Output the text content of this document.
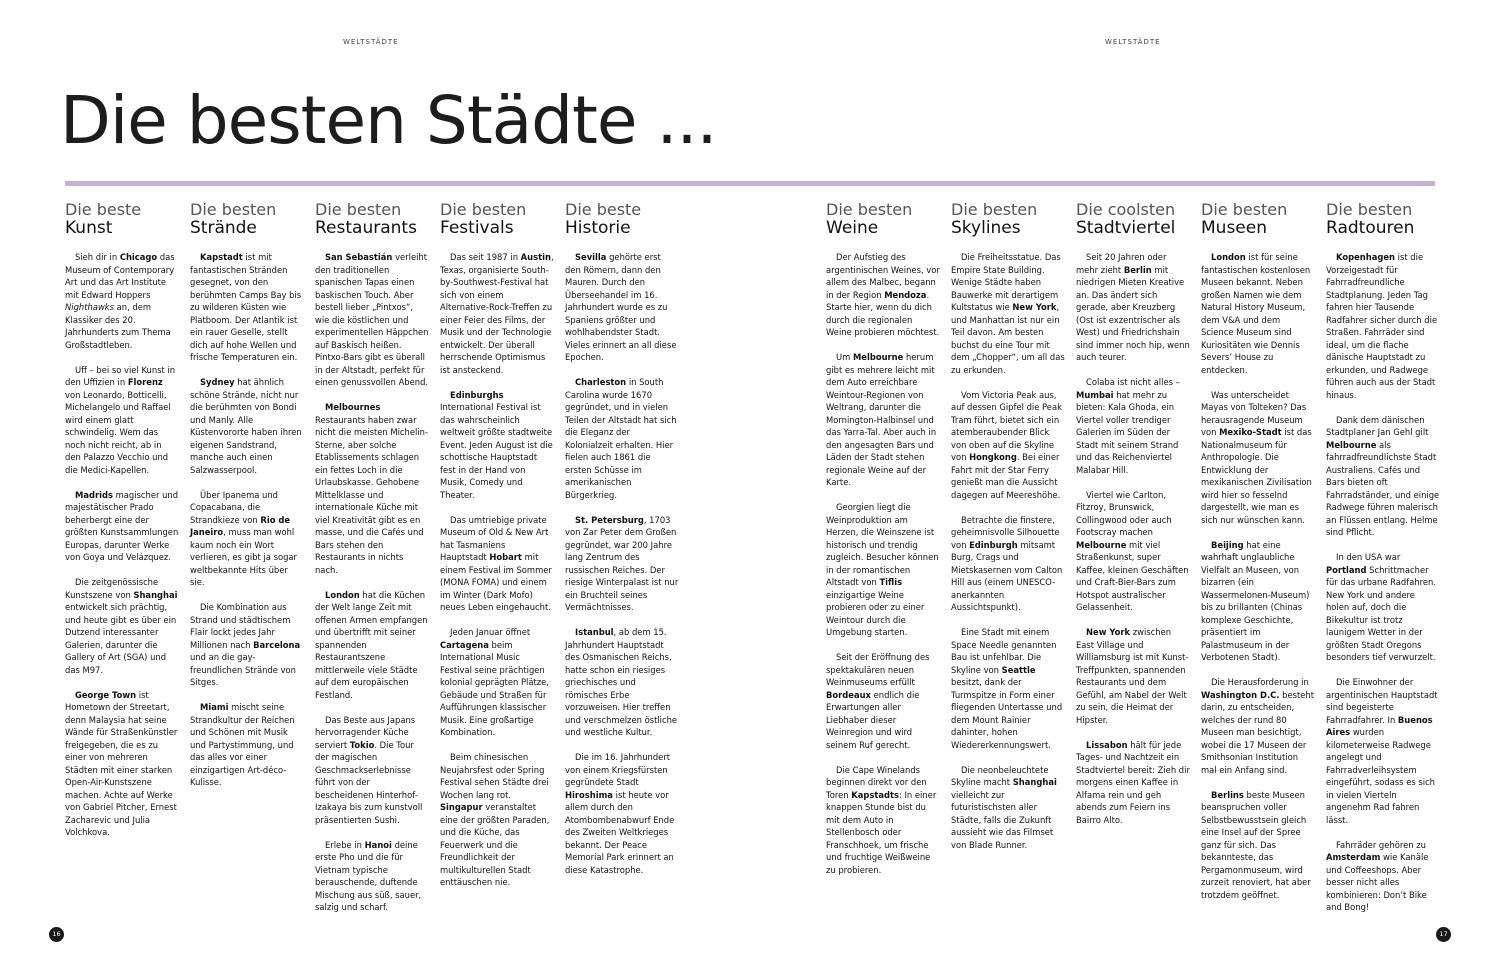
WELTSTÄDTE	WELTSTÄDTE
Die besten Städte ...
Die beste
Kunst

Sieh dir in Chicago das Museum of Contemporary Art und das Art Institute mit Edward Hoppers Nighthawks an, dem Klassiker des 20. Jahrhunderts zum Thema Großstadtleben.

Uff – bei so viel Kunst in den Uffizien in Florenz von Leonardo, Botticelli, Michelangelo und Raffael wird einem glatt schwindelig. Wem das noch nicht reicht, ab in den Palazzo Vecchio und die Medici-Kapellen.

Madrids magischer und majestätischer Prado beherbergt eine der größten Kunstsammlungen Europas, darunter Werke von Goya und Velázquez.

Die zeitgenössische Kunstszene von Shanghai entwickelt sich prächtig, und heute gibt es über ein Dutzend interessanter Galerien, darunter die Gallery of Art (SGA) und das M97.

George Town ist Hometown der Streetart, denn Malaysia hat seine Wände für Straßenkünstler freigegeben, die es zu einer von mehreren Städten mit einer starken Open-Air-Kunstszene machen. Achte auf Werke von Gabriel Pitcher, Ernest Zacharevic und Julia Volchkova.

Die besten
Strände

Kapstadt ist mit fantastischen Stränden gesegnet, von den berühmten Camps Bay bis zu wilderen Küsten wie Platboom. Der Atlantik ist ein rauer Geselle, stellt dich auf hohe Wellen und frische Temperaturen ein.

Sydney hat ähnlich schöne Strände, nicht nur die berühmten von Bondi und Manly. Alle Küstenvororte haben ihren eigenen Sandstrand, manche auch einen Salzwasserpool.

Über Ipanema und Copacabana, die Strandkieze von Rio de Janeiro, muss man wohl kaum noch ein Wort verlieren, es gibt ja sogar weltbekannte Hits über sie.

Die Kombination aus Strand und städtischem Flair lockt jedes Jahr Millionen nach Barcelona und an die gay-freundlichen Strände von Sitges.

Miami mischt seine Strandkultur der Reichen und Schönen mit Musik und Partystimmung, und das alles vor einer einzigartigen Art-déco-Kulisse.

Die besten
Restaurants

San Sebastián verleiht den traditionellen spanischen Tapas einen baskischen Touch. Aber bestell lieber „Pintxos“, wie die köstlichen und experimentellen Häppchen auf Baskisch heißen. Pintxo-Bars gibt es überall in der Altstadt, perfekt für einen genussvollen Abend.

Melbournes Restaurants haben zwar nicht die meisten Michelin-Sterne, aber solche Etablissements schlagen ein fettes Loch in die Urlaubskasse. Gehobene Mittelklasse und internationale Küche mit viel Kreativität gibt es en masse, und die Cafés und Bars stehen den Restaurants in nichts nach.

London hat die Küchen der Welt lange Zeit mit offenen Armen empfangen und übertrifft mit seiner spannenden Restaurantszene mittlerweile viele Städte auf dem europäischen Festland.

Das Beste aus Japans hervorragender Küche serviert Tokio. Die Tour der magischen Geschmackserlebnisse führt von der bescheidenen Hinterhof-Izakaya bis zum kunstvoll präsentierten Sushi.

Erlebe in Hanoi deine erste Pho und die für Vietnam typische berauschende, duftende Mischung aus süß, sauer, salzig und scharf.

Die besten
Festivals

Das seit 1987 in Austin, Texas, organisierte South-by-Southwest-Festival hat sich von einem Alternative-Rock-Treffen zu einer Feier des Films, der Musik und der Technologie entwickelt. Der überall herrschende Optimismus ist ansteckend.

Edinburghs International Festival ist das wahrscheinlich weltweit größte stadtweite Event. Jeden August ist die schottische Hauptstadt fest in der Hand von Musik, Comedy und Theater.

Das umtriebige private Museum of Old & New Art hat Tasmaniens Hauptstadt Hobart mit einem Festival im Sommer (MONA FOMA) und einem im Winter (Dark Mofo) neues Leben eingehaucht.

Jeden Januar öffnet Cartagena beim International Music Festival seine prächtigen kolonial geprägten Plätze, Gebäude und Straßen für Aufführungen klassischer Musik. Eine großartige Kombination.

Beim chinesischen Neujahrsfest oder Spring Festival sehen Städte drei Wochen lang rot. Singapur veranstaltet eine der größten Paraden, und die Küche, das Feuerwerk und die Freundlichkeit der multikulturellen Stadt enttäuschen nie.

Die beste
Historie

Sevilla gehörte erst den Römern, dann den Mauren. Durch den Überseehandel im 16. Jahrhundert wurde es zu Spaniens größter und wohlhabendster Stadt. Vieles erinnert an all diese Epochen.

Charleston in South Carolina wurde 1670 gegründet, und in vielen Teilen der Altstadt hat sich die Eleganz der Kolonialzeit erhalten. Hier fielen auch 1861 die ersten Schüsse im amerikanischen Bürgerkrieg.

St. Petersburg, 1703 von Zar Peter dem Großen gegründet, war 200 Jahre lang Zentrum des russischen Reiches. Der riesige Winterpalast ist nur ein Bruchteil seines Vermächtnisses.

Istanbul, ab dem 15. Jahrhundert Hauptstadt des Osmanischen Reichs, hatte schon ein riesiges griechisches und römisches Erbe vorzuweisen. Hier treffen und verschmelzen östliche und westliche Kultur.

Die im 16. Jahrhundert von einem Kriegsfürsten gegründete Stadt Hiroshima ist heute vor allem durch den Atombombenabwurf Ende des Zweiten Weltkrieges bekannt. Der Peace Memorial Park erinnert an diese Katastrophe.

Die besten
Weine

Der Aufstieg des argentinischen Weines, vor allem des Malbec, begann in der Region Mendoza. Starte hier, wenn du dich durch die regionalen Weine probieren möchtest.

Um Melbourne herum gibt es mehrere leicht mit dem Auto erreichbare Weintour-Regionen von Weltrang, darunter die Mornington-Halbinsel und das Yarra-Tal. Aber auch in den angesagten Bars und Läden der Stadt stehen regionale Weine auf der Karte.

Georgien liegt die Weinproduktion am Herzen, die Weinszene ist historisch und trendig zugleich. Besucher können in der romantischen Altstadt von Tiflis einzigartige Weine probieren oder zu einer Weintour durch die Umgebung starten.

Seit der Eröffnung des spektakulären neuen Weinmuseums erfüllt Bordeaux endlich die Erwartungen aller Liebhaber dieser Weinregion und wird seinem Ruf gerecht.

Die Cape Winelands beginnen direkt vor den Toren Kapstadts: In einer knappen Stunde bist du mit dem Auto in Stellenbosch oder Franschhoek, um frische und fruchtige Weißweine zu probieren.

Die besten
Skylines

Die Freiheitsstatue. Das Empire State Building. Wenige Städte haben Bauwerke mit derartigem Kultstatus wie New York, und Manhattan ist nur ein Teil davon. Am besten buchst du eine Tour mit dem „Chopper“, um all das zu erkunden.

Vom Victoria Peak aus, auf dessen Gipfel die Peak Tram führt, bietet sich ein atemberaubender Blick von oben auf die Skyline von Hongkong. Bei einer Fahrt mit der Star Ferry genießt man die Aussicht dagegen auf Meereshöhe.

Betrachte die finstere, geheimnisvolle Silhouette von Edinburgh mitsamt Burg, Crags und Mietskasernen vom Calton Hill aus (einem UNESCO-anerkannten Aussichtspunkt).

Eine Stadt mit einem Space Needle genannten Bau ist unfehlbar. Die Skyline von Seattle besitzt, dank der Turmspitze in Form einer fliegenden Untertasse und dem Mount Rainier dahinter, hohen Wiedererkennungswert.

Die neonbeleuchtete Skyline macht Shanghai vielleicht zur futuristischsten aller Städte, falls die Zukunft aussieht wie das Filmset von Blade Runner.

Die coolsten
Stadtviertel

Seit 20 Jahren oder mehr zieht Berlin mit niedrigen Mieten Kreative an. Das ändert sich gerade, aber Kreuzberg (Ost ist exzentrischer als West) und Friedrichshain sind immer noch hip, wenn auch teurer.

Colaba ist nicht alles – Mumbai hat mehr zu bieten: Kala Ghoda, ein Viertel voller trendiger Galerien im Süden der Stadt mit seinem Strand und das Reichenviertel Malabar Hill.

Viertel wie Carlton, Fitzroy, Brunswick, Collingwood oder auch Footscray machen Melbourne mit viel Straßenkunst, super Kaffee, kleinen Geschäften und Craft-Bier-Bars zum Hotspot australischer Gelassenheit.

New York zwischen East Village und Williamsburg ist mit Kunst-Treffpunkten, spannenden Restaurants und dem Gefühl, am Nabel der Welt zu sein, die Heimat der Hipster.

Lissabon hält für jede Tages- und Nachtzeit ein Stadtviertel bereit: Zieh dir morgens einen Kaffee in Alfama rein und geh abends zum Feiern ins Bairro Alto.

Die besten
Museen

London ist für seine fantastischen kostenlosen Museen bekannt. Neben großen Namen wie dem Natural History Museum, dem V&A und dem Science Museum sind Kuriositäten wie Dennis Severs’ House zu entdecken.

Was unterscheidet Mayas von Tolteken? Das herausragende Museum von Mexiko-Stadt ist das Nationalmuseum für Anthropologie. Die Entwicklung der mexikanischen Zivilisation wird hier so fesselnd dargestellt, wie man es sich nur wünschen kann.

Beijing hat eine wahrhaft unglaubliche Vielfalt an Museen, von bizarren (ein Wassermelonen-Museum) bis zu brillanten (Chinas komplexe Geschichte, präsentiert im Palastmuseum in der Verbotenen Stadt).

Die Herausforderung in Washington D.C. besteht darin, zu entscheiden, welches der rund 80 Museen man besichtigt, wobei die 17 Museen der Smithsonian Institution mal ein Anfang sind.

Berlins beste Museen beanspruchen voller Selbstbewusstsein gleich eine Insel auf der Spree ganz für sich. Das bekannteste, das Pergamonmuseum, wird zurzeit renoviert, hat aber trotzdem geöffnet.

Die besten
Radtouren

Kopenhagen ist die Vorzeigestadt für Fahrradfreundliche Stadtplanung. Jeden Tag fahren hier Tausende Radfahrer sicher durch die Straßen. Fahrräder sind ideal, um die flache dänische Hauptstadt zu erkunden, und Radwege führen auch aus der Stadt hinaus.

Dank dem dänischen Stadtplaner Jan Gehl gilt Melbourne als fahrradfreundlichste Stadt Australiens. Cafés und Bars bieten oft Fahrradständer, und einige Radwege führen malerisch an Flüssen entlang. Helme sind Pflicht.

In den USA war Portland Schrittmacher für das urbane Radfahren. New York und andere holen auf, doch die Bikekultur ist trotz launigem Wetter in der größten Stadt Oregons besonders tief verwurzelt.

Die Einwohner der argentinischen Hauptstadt sind begeisterte Fahrradfahrer. In Buenos Aires wurden kilometerweise Radwege angelegt und Fahrradverleihsystem eingeführt, sodass es sich in vielen Vierteln angenehm Rad fahren lässt.

Fahrräder gehören zu Amsterdam wie Kanäle und Coffeeshops. Aber besser nicht alles kombinieren: Don’t Bike and Bong!

16	17
